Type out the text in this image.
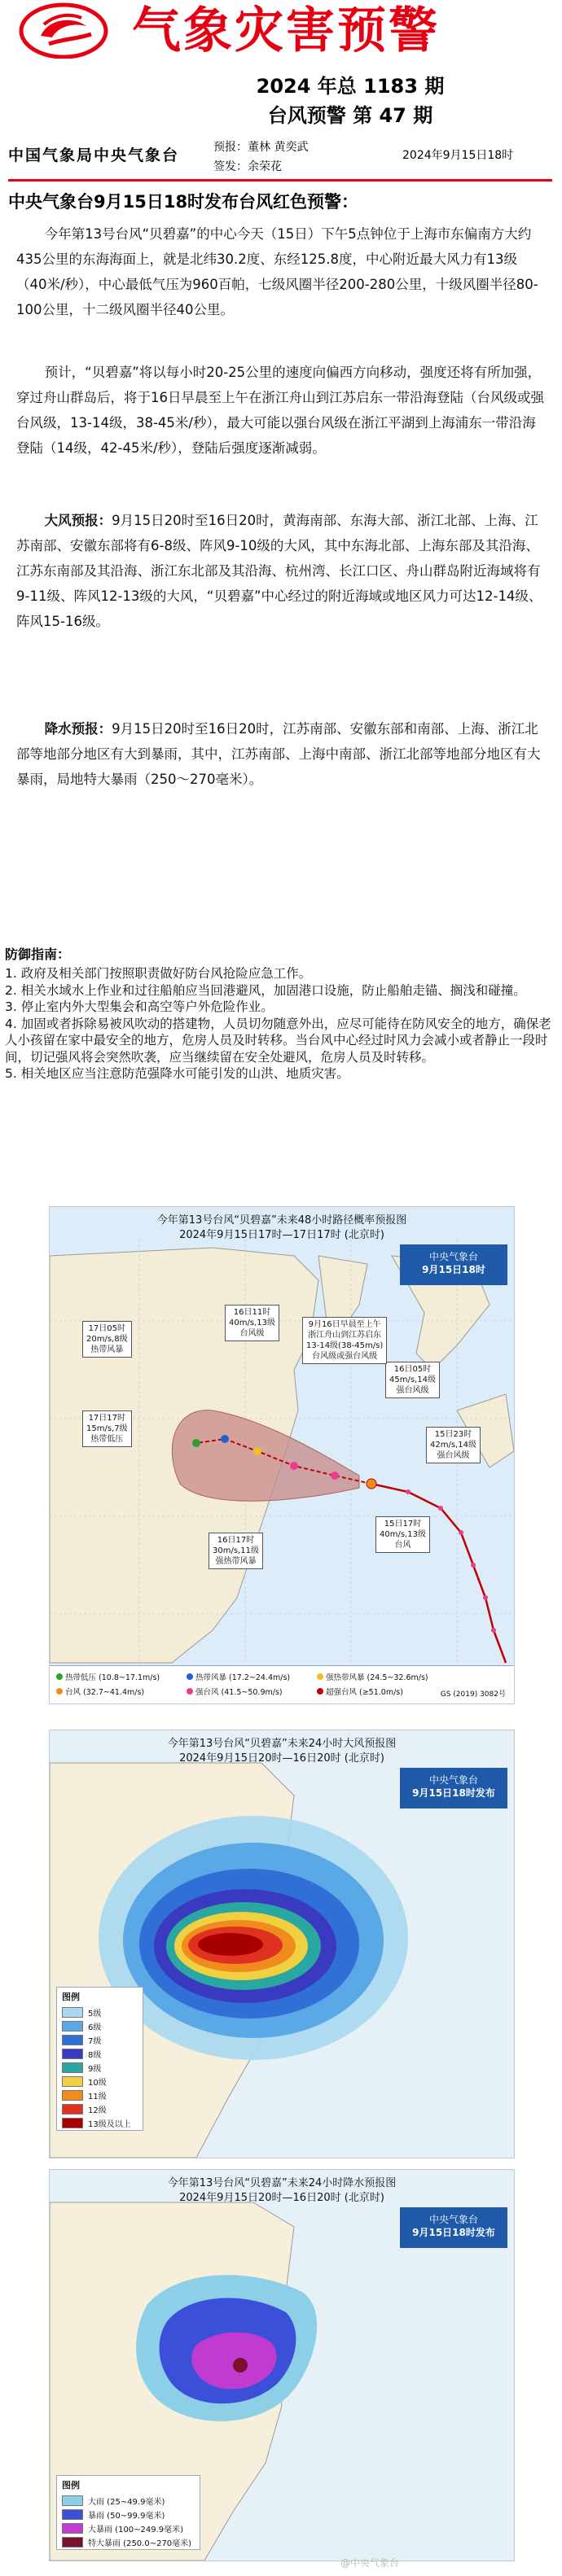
气象灾害预警
2024 年总 1183 期
台风预警 第 47 期
中国气象局中央气象台	预报：董林 黄奕武
签发：余荣花
2024年9月15日18时
中央气象台9月15日18时发布台风红色预警：

今年第13号台风“贝碧嘉”的中心今天（15日）下午5点钟位于上海市东偏南方大约435公里的东海海面上，就是北纬30.2度、东经125.8度，中心附近最大风力有13级（40米/秒），中心最低气压为960百帕，七级风圈半径200-280公里，十级风圈半径80-100公里，十二级风圈半径40公里。

预计，“贝碧嘉”将以每小时20-25公里的速度向偏西方向移动，强度还将有所加强，穿过舟山群岛后，将于16日早晨至上午在浙江舟山到江苏启东一带沿海登陆（台风级或强台风级，13-14级，38-45米/秒），最大可能以强台风级在浙江平湖到上海浦东一带沿海登陆（14级，42-45米/秒），登陆后强度逐渐减弱。

大风预报：9月15日20时至16日20时，黄海南部、东海大部、浙江北部、上海、江苏南部、安徽东部将有6-8级、阵风9-10级的大风，其中东海北部、上海东部及其沿海、江苏东南部及其沿海、浙江东北部及其沿海、杭州湾、长江口区、舟山群岛附近海域将有9-11级、阵风12-13级的大风，“贝碧嘉”中心经过的附近海域或地区风力可达12-14级、阵风15-16级。

降水预报：9月15日20时至16日20时，江苏南部、安徽东部和南部、上海、浙江北部等地部分地区有大到暴雨，其中，江苏南部、上海中南部、浙江北部等地部分地区有大暴雨，局地特大暴雨（250～270毫米）。

防御指南：
1. 政府及相关部门按照职责做好防台风抢险应急工作。
2. 相关水域水上作业和过往船舶应当回港避风，加固港口设施，防止船舶走锚、搁浅和碰撞。
3. 停止室内外大型集会和高空等户外危险作业。
4. 加固或者拆除易被风吹动的搭建物，人员切勿随意外出，应尽可能待在防风安全的地方，确保老人小孩留在家中最安全的地方，危房人员及时转移。当台风中心经过时风力会减小或者静止一段时间，切记强风将会突然吹袭，应当继续留在安全处避风，危房人员及时转移。
5. 相关地区应当注意防范强降水可能引发的山洪、地质灾害。
今年第13号台风“贝碧嘉”未来48小时路径概率预报图
2024年9月15日17时—17日17时 (北京时)
中央气象台
9月15日18时
15日17时
40m/s,13级
台风
16日05时
45m/s,14级
强台风级
16日17时
30m/s,11级
强热带风暴
17日05时
20m/s,8级
热带风暴
17日17时
15m/s,7级
热带低压
16日11时
40m/s,13级
台风级
9月16日早晨至上午
浙江舟山到江苏启东
13-14级(38-45m/s)
台风级或强台风级
15日23时
42m/s,14级
强台风级
热带低压 (10.8~17.1m/s)	热带风暴 (17.2~24.4m/s)	强热带风暴 (24.5~32.6m/s)
台风 (32.7~41.4m/s)	强台风 (41.5~50.9m/s)	超强台风 (≥51.0m/s)	GS (2019) 3082号
今年第13号台风“贝碧嘉”未来24小时大风预报图
2024年9月15日20时—16日20时 (北京时)
中央气象台
9月15日18时发布
图例
5级
6级
7级
8级
9级
10级
11级
12级
13级及以上
今年第13号台风“贝碧嘉”未来24小时降水预报图
2024年9月15日20时—16日20时 (北京时)
中央气象台
9月15日18时发布
图例
大雨 (25~49.9毫米)
暴雨 (50~99.9毫米)
大暴雨 (100~249.9毫米)
特大暴雨 (250.0~270毫米)
@中央气象台
